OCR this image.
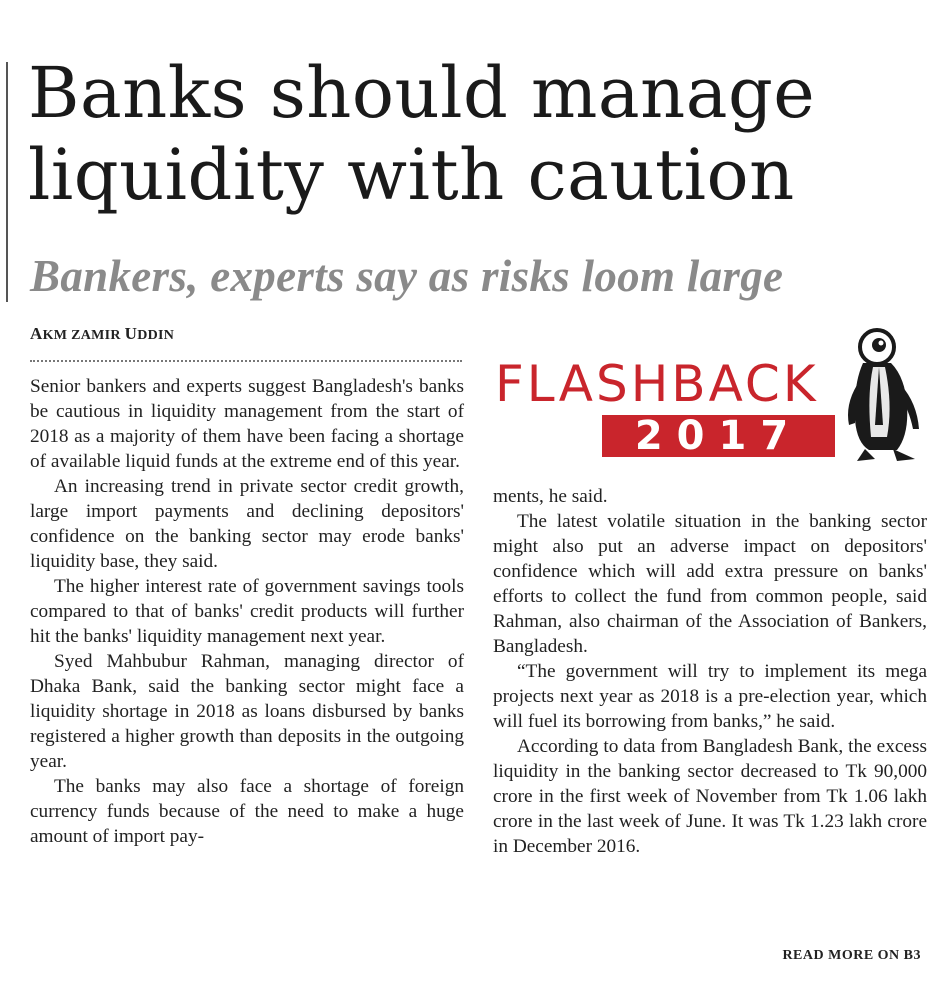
Banks should manage liquidity with caution
Bankers, experts say as risks loom large

AKM ZAMIR UDDIN

FLASHBACK
2017

Senior bankers and experts suggest Bangladesh's banks be cautious in liquidity management from the start of 2018 as a majority of them have been facing a shortage of available liquid funds at the extreme end of this year.

An increasing trend in private sector credit growth, large import payments and declining depositors' confidence on the banking sector may erode banks' liquidity base, they said.

The higher interest rate of government savings tools compared to that of banks' credit products will further hit the banks' liquidity management next year.

Syed Mahbubur Rahman, managing director of Dhaka Bank, said the banking sector might face a liquidity shortage in 2018 as loans disbursed by banks registered a higher growth than deposits in the outgoing year.

The banks may also face a shortage of foreign currency funds because of the need to make a huge amount of import pay-

ments, he said.

The latest volatile situation in the banking sector might also put an adverse impact on depositors' confidence which will add extra pressure on banks' efforts to collect the fund from common people, said Rahman, also chairman of the Association of Bankers, Bangladesh.

“The government will try to implement its mega projects next year as 2018 is a pre-election year, which will fuel its borrowing from banks,” he said.

According to data from Bangladesh Bank, the excess liquidity in the banking sector decreased to Tk 90,000 crore in the first week of November from Tk 1.06 lakh crore in the last week of June. It was Tk 1.23 lakh crore in December 2016.

READ MORE ON B3
